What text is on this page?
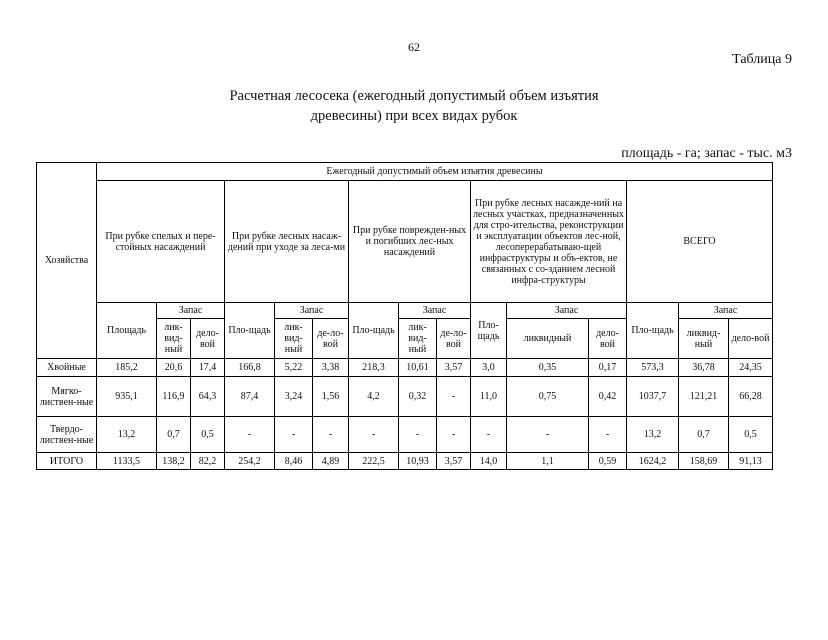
62
Таблица 9
Расчетная лесосека (ежегодный допустимый объем изъятия
древесины) при всех видах рубок
площадь - га; запас - тыс. м3
Хозяйства	Ежегодный допустимый объем изъятия древесины														
	При рубке спелых и пере-стойных насаждений			При рубке лесных насаж-дений при уходе за леса-ми			При рубке поврежден-ных и погибших лес-ных насаждений			При рубке лесных насажде-ний на лесных участках, предназначенных для стро-ительства, реконструкции и эксплуатации объектов лес-ной, лесоперерабатываю-щей инфраструктуры и объ-ектов, не связанных с со-зданием лесной инфра-структуры			ВСЕГО		
	Площадь	Запас		Пло-щадь	Запас		Пло-щадь	Запас		Пло-щадь	Запас		Пло-щадь	Запас	
		лик-вид-ный	дело-вой		лик-вид-ный	де-ло-вой		лик-вид-ный	де-ло-вой		ликвидный	дело-вой		ликвид-ный	дело-вой
Хвойные	185,2	20,6	17,4	166,8	5,22	3,38	218,3	10,61	3,57	3,0	0,35	0,17	573,3	36,78	24,35
Мягко-листвен-ные	935,1	116,9	64,3	87,4	3,24	1,56	4,2	0,32	-	11,0	0,75	0,42	1037,7	121,21	66,28
Твердо-листвен-ные	13,2	0,7	0,5	-	-	-	-	-	-	-	-	-	13,2	0,7	0,5
ИТОГО	1133,5	138,2	82,2	254,2	8,46	4,89	222,5	10,93	3,57	14,0	1,1	0,59	1624,2	158,69	91,13
